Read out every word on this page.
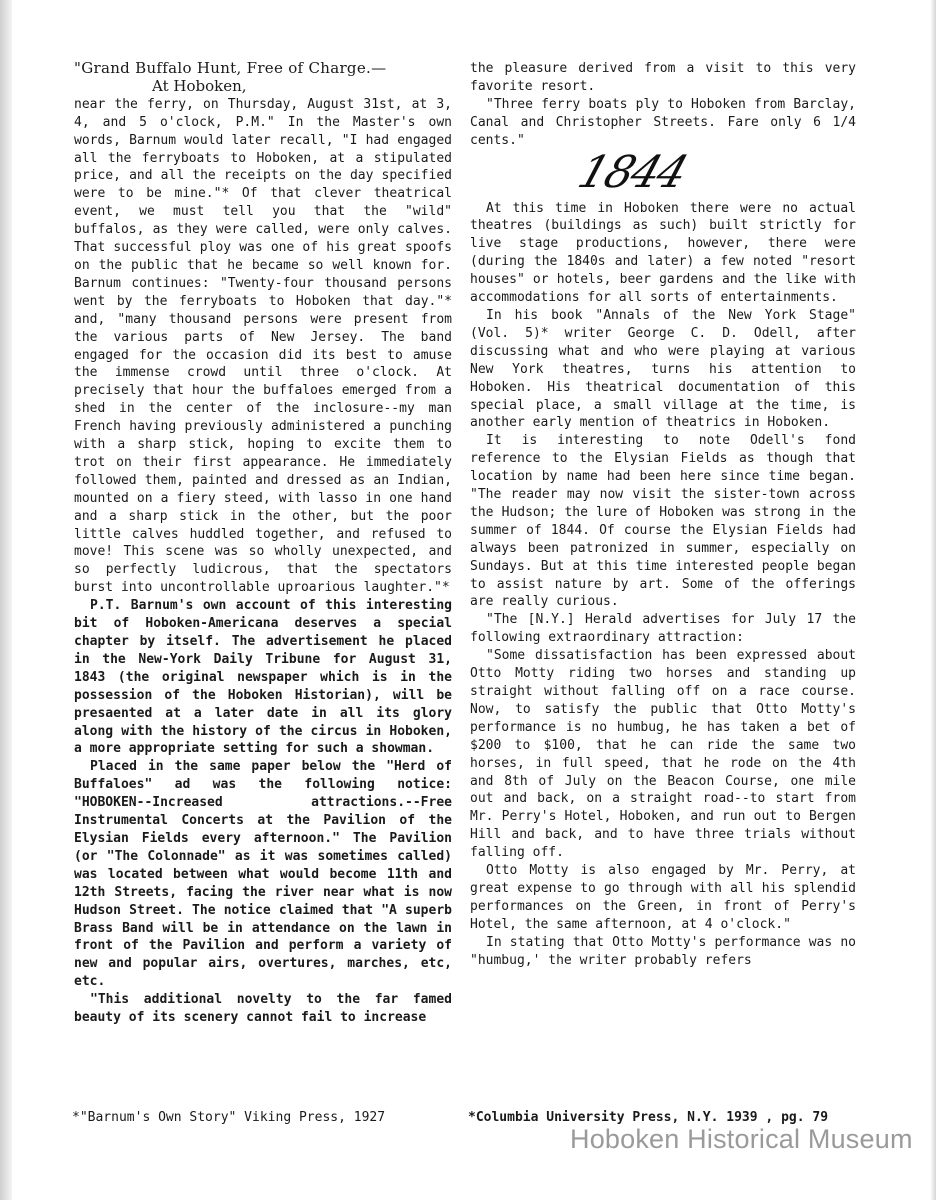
"Grand Buffalo Hunt, Free of Charge.—

At Hoboken,

near the ferry, on Thursday, August 31st, at 3, 4, and 5 o'clock, P.M." In the Master's own words, Barnum would later recall, "I had engaged all the ferryboats to Hoboken, at a stipulated price, and all the receipts on the day specified were to be mine."* Of that clever theatrical event, we must tell you that the "wild" buffalos, as they were called, were only calves. That successful ploy was one of his great spoofs on the public that he became so well known for. Barnum continues: "Twenty-four thousand persons went by the ferryboats to Hoboken that day."* and, "many thousand persons were present from the various parts of New Jersey. The band engaged for the occasion did its best to amuse the immense crowd until three o'clock. At precisely that hour the buffaloes emerged from a shed in the center of the inclosure--my man French having previously administered a punching with a sharp stick, hoping to excite them to trot on their first appearance. He immediately followed them, painted and dressed as an Indian, mounted on a fiery steed, with lasso in one hand and a sharp stick in the other, but the poor little calves huddled together, and refused to move! This scene was so wholly unexpected, and so perfectly ludicrous, that the spectators burst into uncontrollable uproarious laughter."*

P.T. Barnum's own account of this interesting bit of Hoboken-Americana deserves a special chapter by itself. The advertisement he placed in the New-York Daily Tribune for August 31, 1843 (the original newspaper which is in the possession of the Hoboken Historian), will be presaented at a later date in all its glory along with the history of the circus in Hoboken, a more appropriate setting for such a showman.

Placed in the same paper below the "Herd of Buffaloes" ad was the following notice: "HOBOKEN--Increased attractions.--Free Instrumental Concerts at the Pavilion of the Elysian Fields every afternoon." The Pavilion (or "The Colonnade" as it was sometimes called) was located between what would become 11th and 12th Streets, facing the river near what is now Hudson Street. The notice claimed that "A superb Brass Band will be in attendance on the lawn in front of the Pavilion and perform a variety of new and popular airs, overtures, marches, etc, etc.

"This additional novelty to the far famed beauty of its scenery cannot fail to increase

the pleasure derived from a visit to this very favorite resort.

"Three ferry boats ply to Hoboken from Barclay, Canal and Christopher Streets. Fare only 6 1/4 cents."

1844

At this time in Hoboken there were no actual theatres (buildings as such) built strictly for live stage productions, however, there were (during the 1840s and later) a few noted "resort houses" or hotels, beer gardens and the like with accommodations for all sorts of entertainments.

In his book "Annals of the New York Stage" (Vol. 5)* writer George C. D. Odell, after discussing what and who were playing at various New York theatres, turns his attention to Hoboken. His theatrical documentation of this special place, a small village at the time, is another early mention of theatrics in Hoboken.

It is interesting to note Odell's fond reference to the Elysian Fields as though that location by name had been here since time began. "The reader may now visit the sister-town across the Hudson; the lure of Hoboken was strong in the summer of 1844. Of course the Elysian Fields had always been patronized in summer, especially on Sundays. But at this time interested people began to assist nature by art. Some of the offerings are really curious.

"The [N.Y.] Herald advertises for July 17 the following extraordinary attraction:

"Some dissatisfaction has been expressed about Otto Motty riding two horses and standing up straight without falling off on a race course. Now, to satisfy the public that Otto Motty's performance is no humbug, he has taken a bet of $200 to $100, that he can ride the same two horses, in full speed, that he rode on the 4th and 8th of July on the Beacon Course, one mile out and back, on a straight road--to start from Mr. Perry's Hotel, Hoboken, and run out to Bergen Hill and back, and to have three trials without falling off.

Otto Motty is also engaged by Mr. Perry, at great expense to go through with all his splendid performances on the Green, in front of Perry's Hotel, the same afternoon, at 4 o'clock."

In stating that Otto Motty's performance was no "humbug,' the writer probably refers

*"Barnum's Own Story" Viking Press, 1927	*Columbia University Press, N.Y. 1939 , pg. 79
Hoboken Historical Museum
